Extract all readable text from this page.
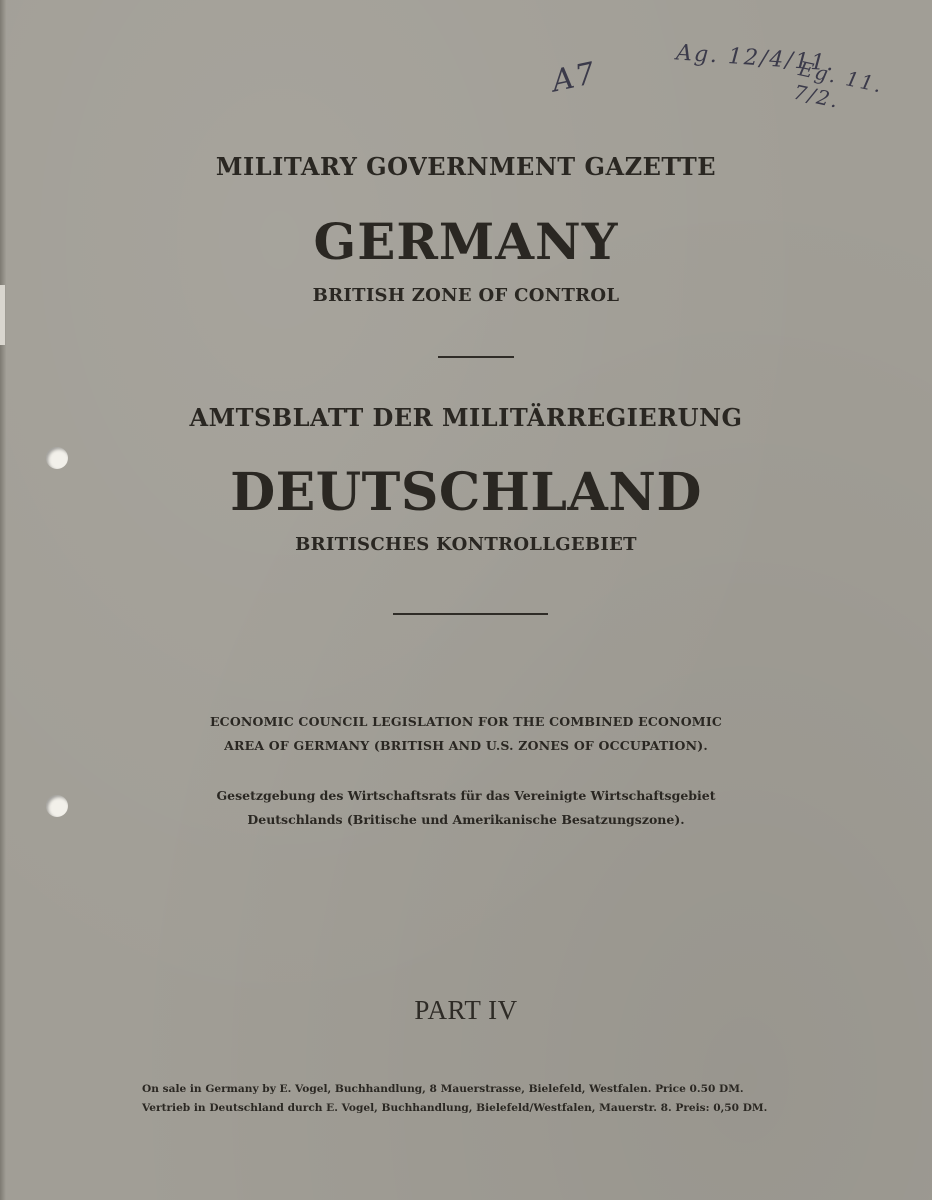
A7	Ag. 12/4/11.
Eg. 11. 7/2.
MILITARY GOVERNMENT GAZETTE
GERMANY
BRITISH ZONE OF CONTROL
AMTSBLATT DER MILITÄRREGIERUNG
DEUTSCHLAND
BRITISCHES KONTROLLGEBIET
ECONOMIC COUNCIL LEGISLATION FOR THE COMBINED ECONOMIC
AREA OF GERMANY (BRITISH AND U.S. ZONES OF OCCUPATION).
Gesetzgebung des Wirtschaftsrats für das Vereinigte Wirtschaftsgebiet
Deutschlands (Britische und Amerikanische Besatzungszone).
PART IV
On sale in Germany by E. Vogel, Buchhandlung, 8 Mauerstrasse, Bielefeld, Westfalen. Price 0.50 DM.
Vertrieb in Deutschland durch E. Vogel, Buchhandlung, Bielefeld/Westfalen, Mauerstr. 8. Preis: 0,50 DM.
